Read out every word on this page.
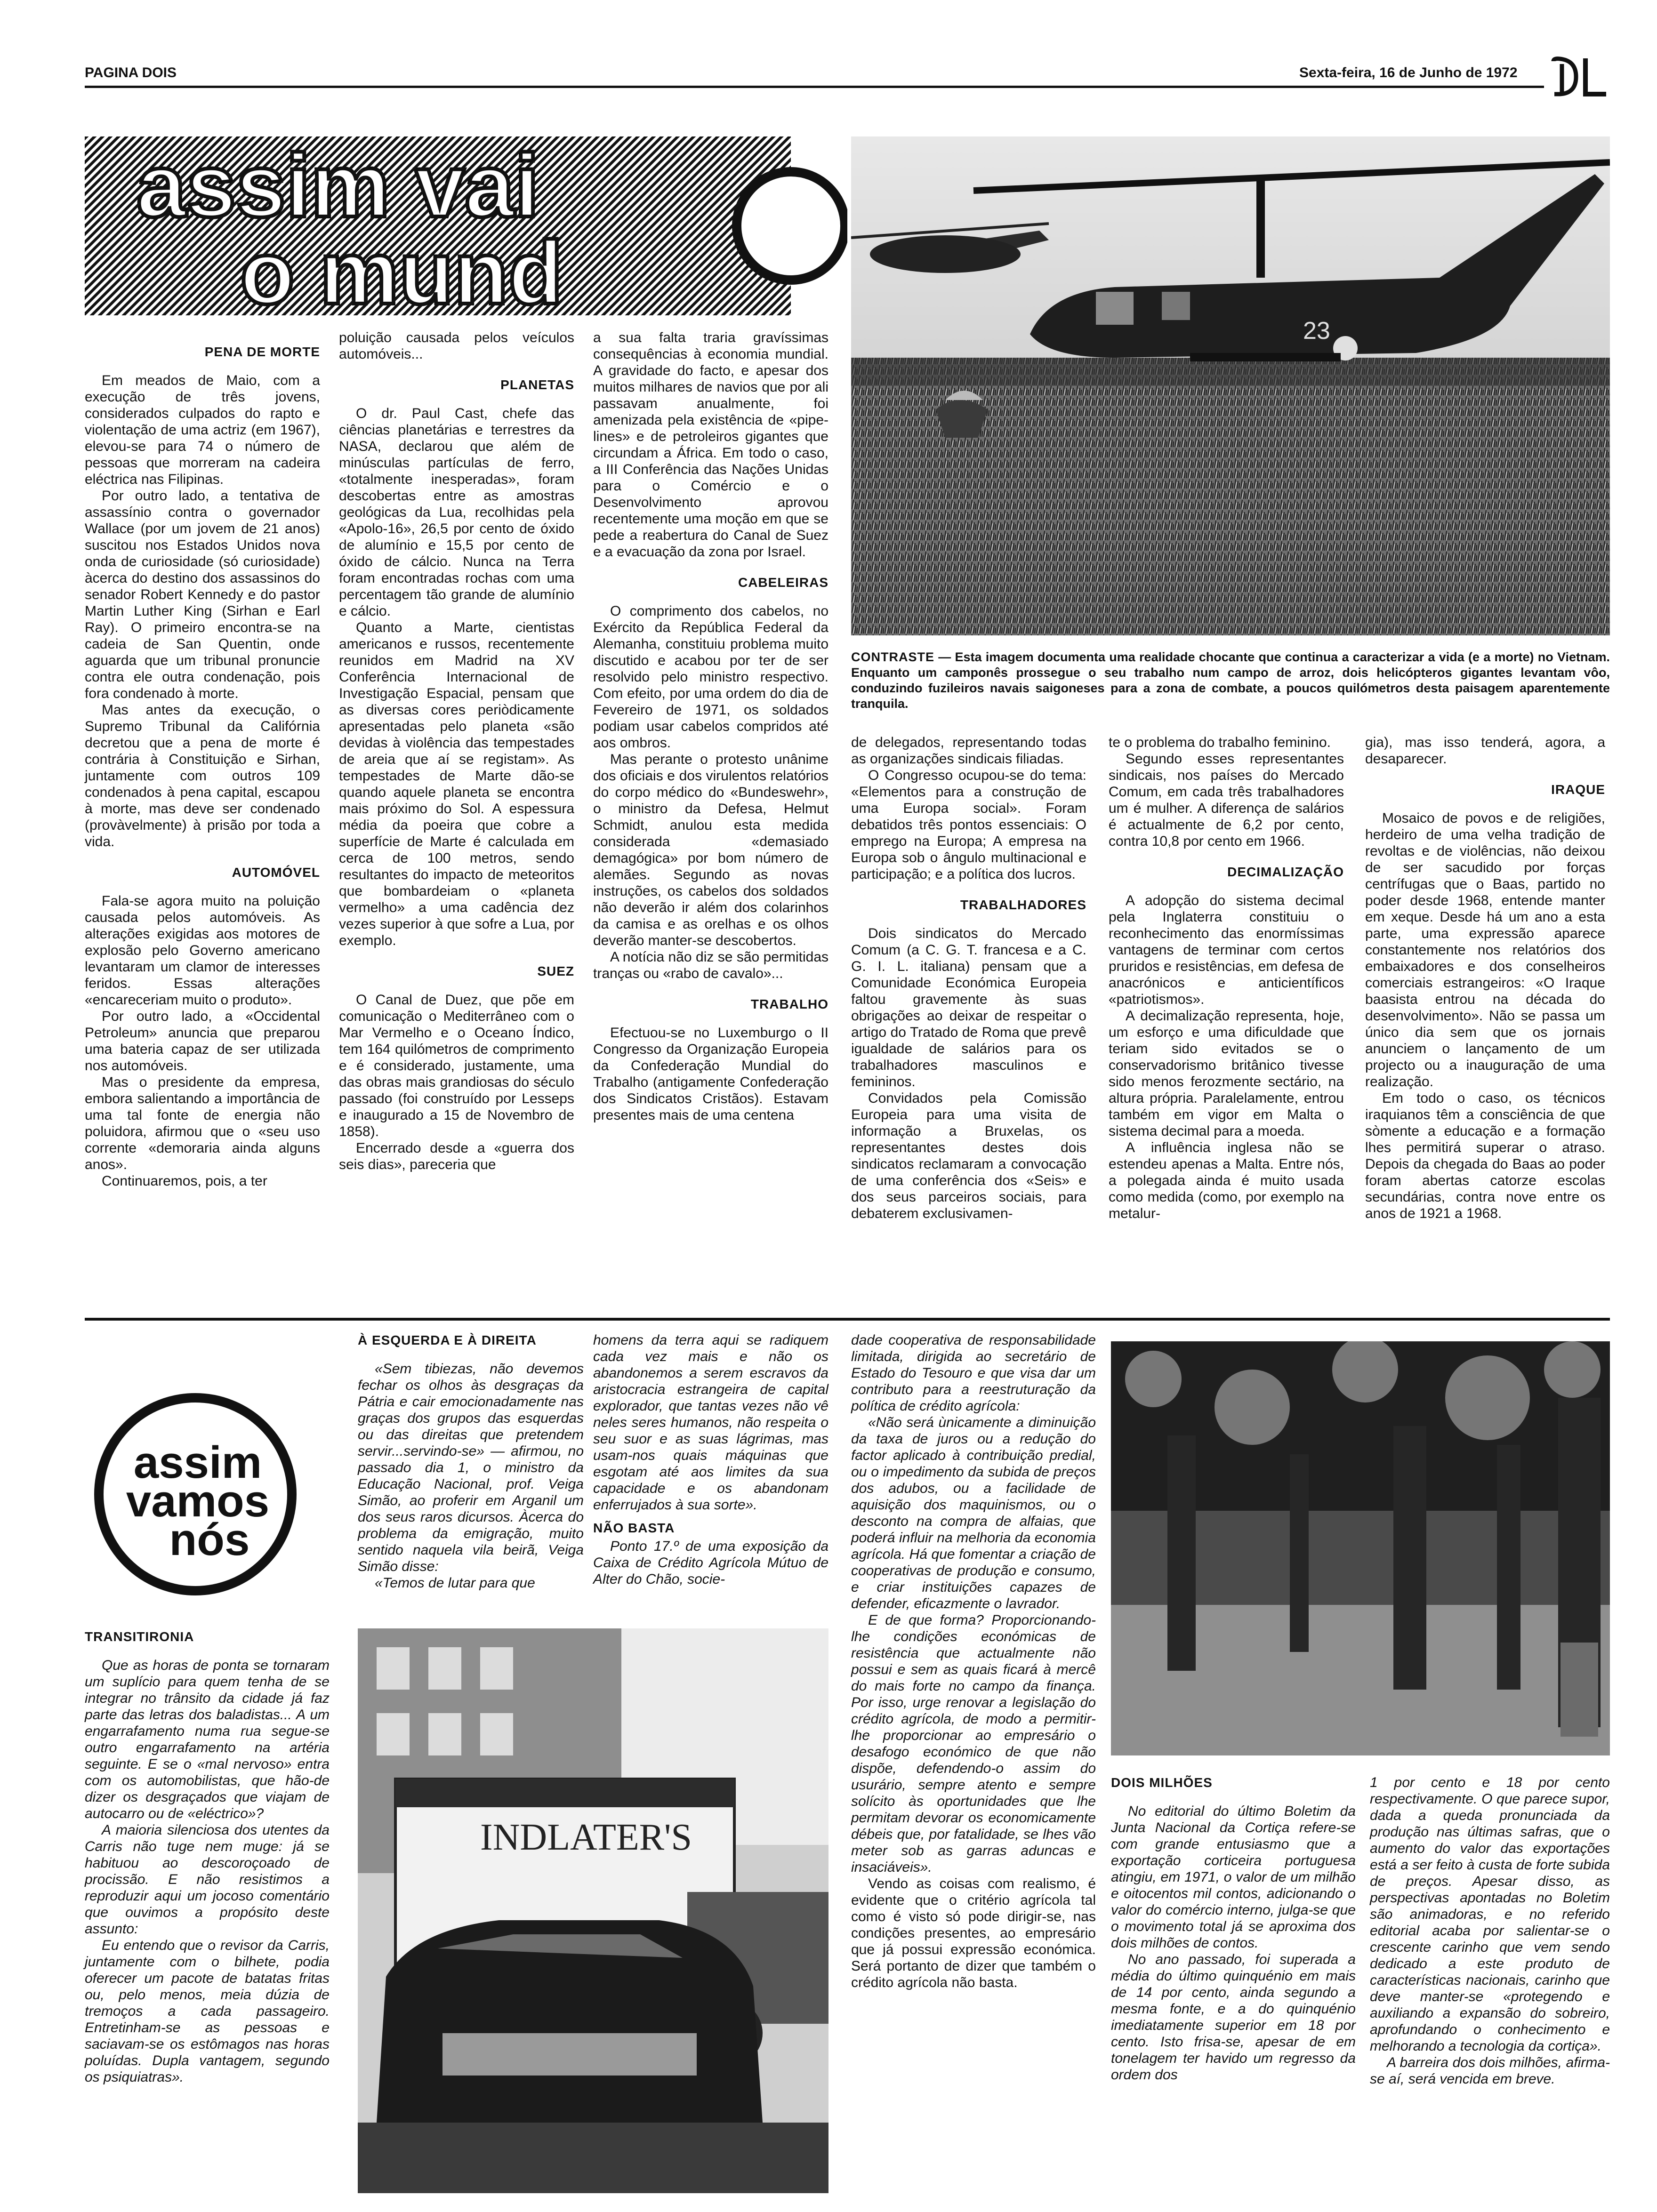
PAGINA DOIS	Sexta-feira, 16 de Junho de 1972
assim vai
o mund
23
CONTRASTE — Esta imagem documenta uma realidade chocante que continua a caracterizar a vida (e a morte) no Vietnam. Enquanto um camponês prossegue o seu trabalho num campo de arroz, dois helicópteros gigantes levantam vôo, conduzindo fuzileiros navais saigoneses para a zona de combate, a poucos quilómetros desta paisagem aparentemente tranquila.
PENA DE MORTE

Em meados de Maio, com a execução de três jovens, considerados culpados do rapto e violentação de uma actriz (em 1967), elevou-se para 74 o número de pessoas que morreram na cadeira eléctrica nas Filipinas.

Por outro lado, a tentativa de assassínio contra o governador Wallace (por um jovem de 21 anos) suscitou nos Estados Unidos nova onda de curiosidade (só curiosidade) àcerca do destino dos assassinos do senador Robert Kennedy e do pastor Martin Luther King (Sirhan e Earl Ray). O primeiro encontra-se na cadeia de San Quentin, onde aguarda que um tribunal pronuncie contra ele outra condenação, pois fora condenado à morte.

Mas antes da execução, o Supremo Tribunal da Califórnia decretou que a pena de morte é contrária à Constituição e Sirhan, juntamente com outros 109 condenados à pena capital, escapou à morte, mas deve ser condenado (provàvelmente) à prisão por toda a vida.

AUTOMÓVEL

Fala-se agora muito na poluição causada pelos automóveis. As alterações exigidas aos motores de explosão pelo Governo americano levantaram um clamor de interesses feridos. Essas alterações «encareceriam muito o produto».

Por outro lado, a «Occidental Petroleum» anuncia que preparou uma bateria capaz de ser utilizada nos automóveis.

Mas o presidente da empresa, embora salientando a importância de uma tal fonte de energia não poluidora, afirmou que o «seu uso corrente «demoraria ainda alguns anos».

Continuaremos, pois, a ter

poluição causada pelos veículos automóveis...

PLANETAS

O dr. Paul Cast, chefe das ciências planetárias e terrestres da NASA, declarou que além de minúsculas partículas de ferro, «totalmente inesperadas», foram descobertas entre as amostras geológicas da Lua, recolhidas pela «Apolo-16», 26,5 por cento de óxido de alumínio e 15,5 por cento de óxido de cálcio. Nunca na Terra foram encontradas rochas com uma percentagem tão grande de alumínio e cálcio.

Quanto a Marte, cientistas americanos e russos, recentemente reunidos em Madrid na XV Conferência Internacional de Investigação Espacial, pensam que as diversas cores periòdicamente apresentadas pelo planeta «são devidas à violência das tempestades de areia que aí se registam». As tempestades de Marte dão-se quando aquele planeta se encontra mais próximo do Sol. A espessura média da poeira que cobre a superfície de Marte é calculada em cerca de 100 metros, sendo resultantes do impacto de meteoritos que bombardeiam o «planeta vermelho» a uma cadência dez vezes superior à que sofre a Lua, por exemplo.

SUEZ

O Canal de Duez, que põe em comunicação o Mediterrâneo com o Mar Vermelho e o Oceano Índico, tem 164 quilómetros de comprimento e é considerado, justamente, uma das obras mais grandiosas do século passado (foi construído por Lesseps e inaugurado a 15 de Novembro de 1858).

Encerrado desde a «guerra dos seis dias», pareceria que

a sua falta traria gravíssimas consequências à economia mundial. A gravidade do facto, e apesar dos muitos milhares de navios que por ali passavam anualmente, foi amenizada pela existência de «pipe-lines» e de petroleiros gigantes que circundam a África. Em todo o caso, a III Conferência das Nações Unidas para o Comércio e o Desenvolvimento aprovou recentemente uma moção em que se pede a reabertura do Canal de Suez e a evacuação da zona por Israel.

CABELEIRAS

O comprimento dos cabelos, no Exército da República Federal da Alemanha, constituiu problema muito discutido e acabou por ter de ser resolvido pelo ministro respectivo. Com efeito, por uma ordem do dia de Fevereiro de 1971, os soldados podiam usar cabelos compridos até aos ombros.

Mas perante o protesto unânime dos oficiais e dos virulentos relatórios do corpo médico do «Bundeswehr», o ministro da Defesa, Helmut Schmidt, anulou esta medida considerada «demasiado demagógica» por bom número de alemães. Segundo as novas instruções, os cabelos dos soldados não deverão ir além dos colarinhos da camisa e as orelhas e os olhos deverão manter-se descobertos.

A notícia não diz se são permitidas tranças ou «rabo de cavalo»...

TRABALHO

Efectuou-se no Luxemburgo o II Congresso da Organização Europeia da Confederação Mundial do Trabalho (antigamente Confederação dos Sindicatos Cristãos). Estavam presentes mais de uma centena

de delegados, representando todas as organizações sindicais filiadas.

O Congresso ocupou-se do tema: «Elementos para a construção de uma Europa social». Foram debatidos três pontos essenciais: O emprego na Europa; A empresa na Europa sob o ângulo multinacional e participação; e a política dos lucros.

TRABALHADORES

Dois sindicatos do Mercado Comum (a C. G. T. francesa e a C. G. I. L. italiana) pensam que a Comunidade Económica Europeia faltou gravemente às suas obrigações ao deixar de respeitar o artigo do Tratado de Roma que prevê igualdade de salários para os trabalhadores masculinos e femininos.

Convidados pela Comissão Europeia para uma visita de informação a Bruxelas, os representantes destes dois sindicatos reclamaram a convocação de uma conferência dos «Seis» e dos seus parceiros sociais, para debaterem exclusivamen-

te o problema do trabalho feminino.

Segundo esses representantes sindicais, nos países do Mercado Comum, em cada três trabalhadores um é mulher. A diferença de salários é actualmente de 6,2 por cento, contra 10,8 por cento em 1966.

DECIMALIZAÇÃO

A adopção do sistema decimal pela Inglaterra constituiu o reconhecimento das enormíssimas vantagens de terminar com certos pruridos e resistências, em defesa de anacrónicos e anticientíficos «patriotismos».

A decimalização representa, hoje, um esforço e uma dificuldade que teriam sido evitados se o conservadorismo britânico tivesse sido menos ferozmente sectário, na altura própria. Paralelamente, entrou também em vigor em Malta o sistema decimal para a moeda.

A influência inglesa não se estendeu apenas a Malta. Entre nós, a polegada ainda é muito usada como medida (como, por exemplo na metalur-

gia), mas isso tenderá, agora, a desaparecer.

IRAQUE

Mosaico de povos e de religiões, herdeiro de uma velha tradição de revoltas e de violências, não deixou de ser sacudido por forças centrífugas que o Baas, partido no poder desde 1968, entende manter em xeque. Desde há um ano a esta parte, uma expressão aparece constantemente nos relatórios dos embaixadores e dos conselheiros comerciais estrangeiros: «O Iraque baasista entrou na década do desenvolvimento». Não se passa um único dia sem que os jornais anunciem o lançamento de um projecto ou a inauguração de uma realização.

Em todo o caso, os técnicos iraquianos têm a consciência de que sòmente a educação e a formação lhes permitirá superar o atraso. Depois da chegada do Baas ao poder foram abertas catorze escolas secundárias, contra nove entre os anos de 1921 a 1968.

assim
vamos
nós
TRANSITIRONIA

Que as horas de ponta se tornaram um suplício para quem tenha de se integrar no trânsito da cidade já faz parte das letras dos baladistas... A um engarrafamento numa rua segue-se outro engarrafamento na artéria seguinte. E se o «mal nervoso» entra com os automobilistas, que hão-de dizer os desgraçados que viajam de autocarro ou de «eléctrico»?

A maioria silenciosa dos utentes da Carris não tuge nem muge: já se habituou ao descoroçoado de procissão. E não resistimos a reproduzir aqui um jocoso comentário que ouvimos a propósito deste assunto:

Eu entendo que o revisor da Carris, juntamente com o bilhete, podia oferecer um pacote de batatas fritas ou, pelo menos, meia dúzia de tremoços a cada passageiro. Entretinham-se as pessoas e saciavam-se os estômagos nas horas poluídas. Dupla vantagem, segundo os psiquiatras».

À ESQUERDA E À DIREITA

«Sem tibiezas, não devemos fechar os olhos às desgraças da Pátria e cair emocionadamente nas graças dos grupos das esquerdas ou das direitas que pretendem servir...servindo-se» — afirmou, no passado dia 1, o ministro da Educação Nacional, prof. Veiga Simão, ao proferir em Arganil um dos seus raros dicursos. Àcerca do problema da emigração, muito sentido naquela vila beirã, Veiga Simão disse:

«Temos de lutar para que

homens da terra aqui se radiquem cada vez mais e não os abandonemos a serem escravos da aristocracia estrangeira de capital explorador, que tantas vezes não vê neles seres humanos, não respeita o seu suor e as suas lágrimas, mas usam-nos quais máquinas que esgotam até aos limites da sua capacidade e os abandonam enferrujados à sua sorte».

NÃO BASTA

Ponto 17.º de uma exposição da Caixa de Crédito Agrícola Mútuo de Alter do Chão, socie-

INDLATER'S

dade cooperativa de responsabilidade limitada, dirigida ao secretário de Estado do Tesouro e que visa dar um contributo para a reestruturação da política de crédito agrícola:

«Não será ùnicamente a diminuição da taxa de juros ou a redução do factor aplicado à contribuição predial, ou o impedimento da subida de preços dos adubos, ou a facilidade de aquisição dos maquinismos, ou o desconto na compra de alfaias, que poderá influir na melhoria da economia agrícola. Há que fomentar a criação de cooperativas de produção e consumo, e criar instituições capazes de defender, eficazmente o lavrador.

E de que forma? Proporcionando-lhe condições económicas de resistência que actualmente não possui e sem as quais ficará à mercê do mais forte no campo da finança. Por isso, urge renovar a legislação do crédito agrícola, de modo a permitir-lhe proporcionar ao empresário o desafogo económico de que não dispõe, defendendo-o assim do usurário, sempre atento e sempre solícito às oportunidades que lhe permitam devorar os economicamente débeis que, por fatalidade, se lhes vão meter sob as garras aduncas e insaciáveis».

Vendo as coisas com realismo, é evidente que o critério agrícola tal como é visto só pode dirigir-se, nas condições presentes, ao empresário que já possui expressão económica. Será portanto de dizer que também o crédito agrícola não basta.

DOIS MILHÕES

No editorial do último Boletim da Junta Nacional da Cortiça refere-se com grande entusiasmo que a exportação corticeira portuguesa atingiu, em 1971, o valor de um milhão e oitocentos mil contos, adicionando o valor do comércio interno, julga-se que o movimento total já se aproxima dos dois milhões de contos.

No ano passado, foi superada a média do último quinquénio em mais de 14 por cento, ainda segundo a mesma fonte, e a do quinquénio imediatamente superior em 18 por cento. Isto frisa-se, apesar de em tonelagem ter havido um regresso da ordem dos

1 por cento e 18 por cento respectivamente. O que parece supor, dada a queda pronunciada da produção nas últimas safras, que o aumento do valor das exportações está a ser feito à custa de forte subida de preços. Apesar disso, as perspectivas apontadas no Boletim são animadoras, e no referido editorial acaba por salientar-se o crescente carinho que vem sendo dedicado a este produto de características nacionais, carinho que deve manter-se «protegendo e auxiliando a expansão do sobreiro, aprofundando o conhecimento e melhorando a tecnologia da cortiça».

A barreira dos dois milhões, afirma-se aí, será vencida em breve.
